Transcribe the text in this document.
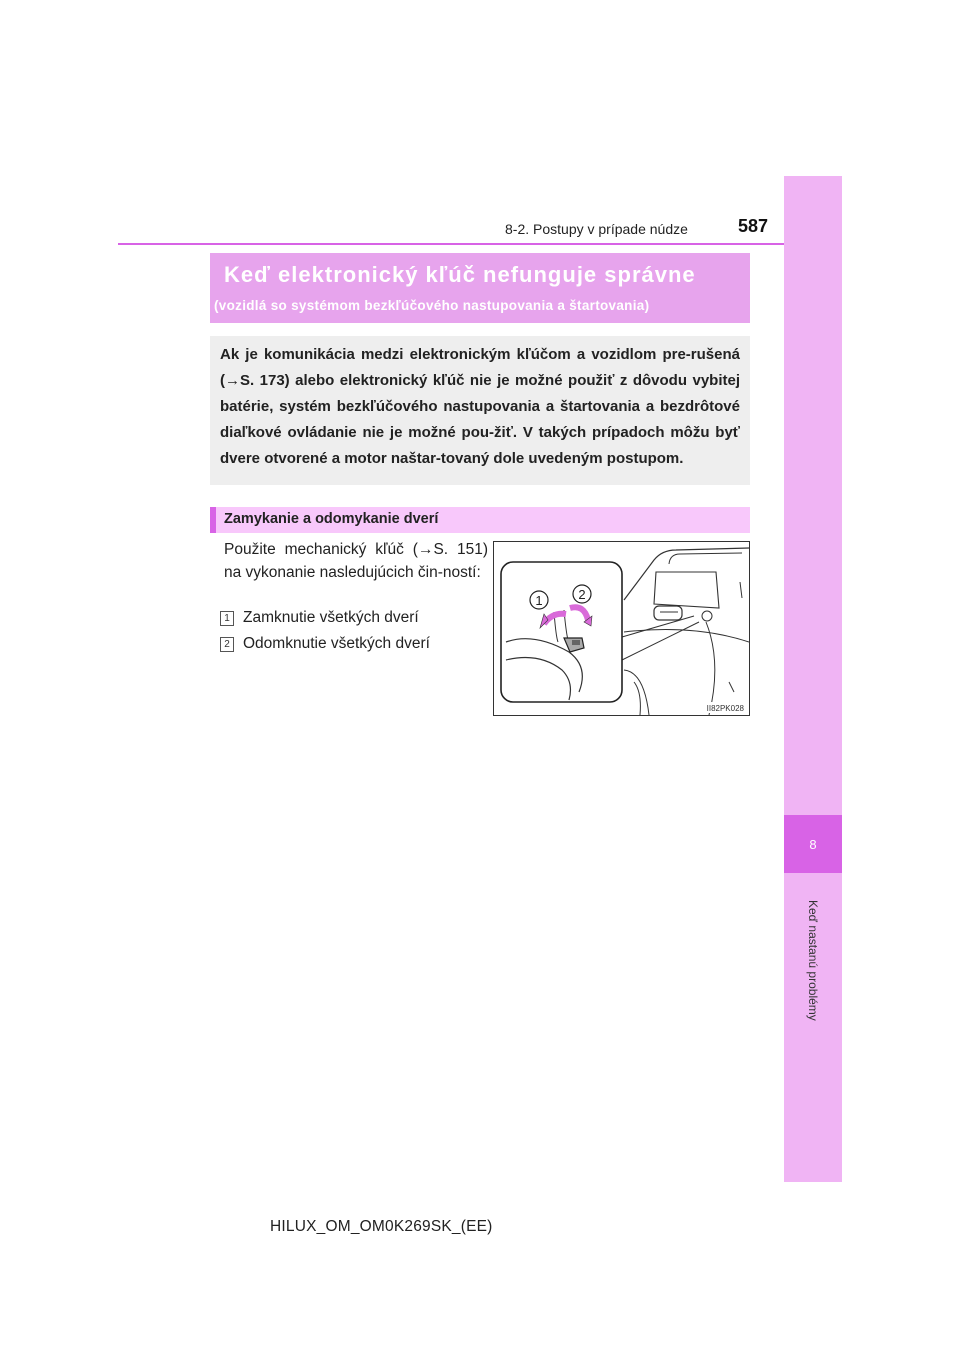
8
Keď nastanú problémy
8-2. Postupy v prípade núdze	587
Keď elektronický kľúč nefunguje správne
(vozidlá so systémom bezkľúčového nastupovania a štartovania)

Ak je komunikácia medzi elektronickým kľúčom a vozidlom pre-rušená (→S. 173) alebo elektronický kľúč nie je možné použiť z dôvodu vybitej batérie, systém bezkľúčového nastupovania a štartovania a bezdrôtové diaľkové ovládanie nie je možné pou-žiť. V takých prípadoch môžu byť dvere otvorené a motor naštar-tovaný dole uvedeným postupom.

Zamykanie a odomykanie dverí

Použite mechanický kľúč (→S. 151) na vykonanie nasledujúcich čin-ností:

1 Zamknutie všetkých dverí
2 Odomknutie všetkých dverí
1	2
II82PK028
HILUX_OM_OM0K269SK_(EE)
